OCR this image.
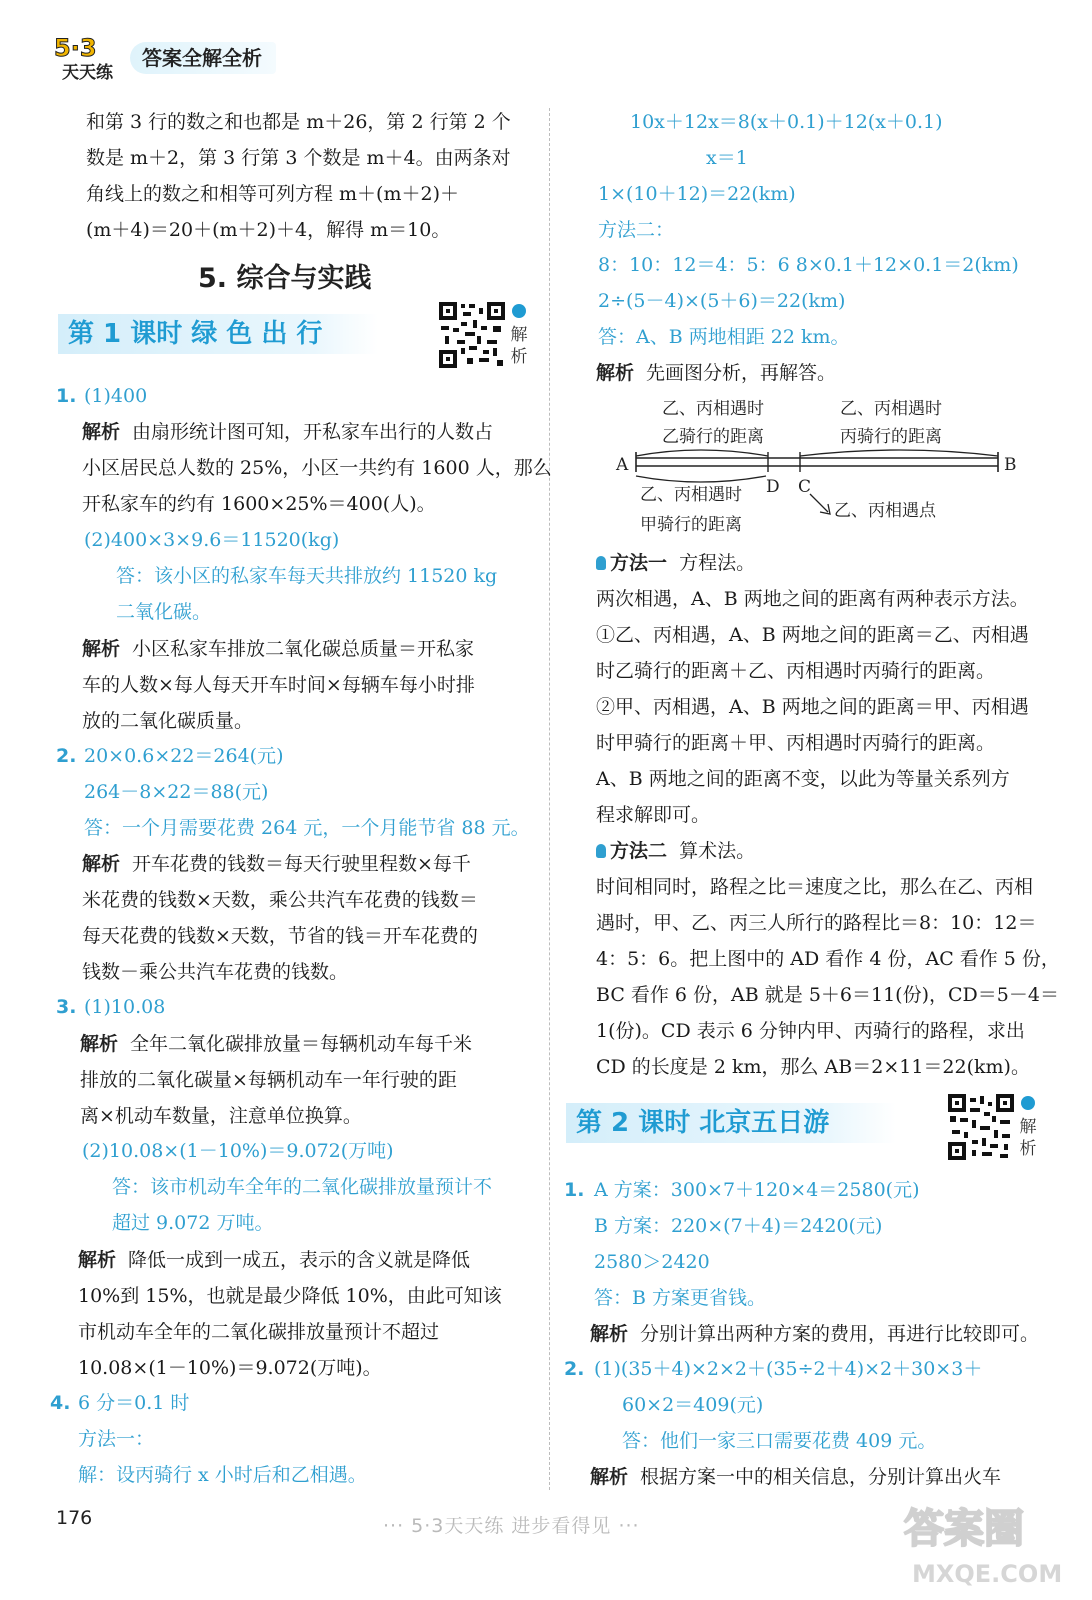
5·3
天天练
答案全解全析
和第 3 行的数之和也都是 m＋26，第 2 行第 2 个
数是 m＋2，第 3 行第 3 个数是 m＋4。由两条对
角线上的数之和相等可列方程 m＋(m＋2)＋
(m＋4)＝20＋(m＋2)＋4，解得 m＝10。
5. 综合与实践
第 1 课时 绿 色 出 行	解析
1. (1)400
解析 由扇形统计图可知，开私家车出行的人数占
小区居民总人数的 25%，小区一共约有 1600 人，那么
开私家车的约有 1600×25%＝400(人)。
(2)400×3×9.6＝11520(kg)
答：该小区的私家车每天共排放约 11520 kg
二氧化碳。
解析 小区私家车排放二氧化碳总质量＝开私家
车的人数×每人每天开车时间×每辆车每小时排
放的二氧化碳质量。
2. 20×0.6×22＝264(元)
264－8×22＝88(元)
答：一个月需要花费 264 元，一个月能节省 88 元。
解析 开车花费的钱数＝每天行驶里程数×每千
米花费的钱数×天数，乘公共汽车花费的钱数＝
每天花费的钱数×天数，节省的钱＝开车花费的
钱数－乘公共汽车花费的钱数。
3. (1)10.08
解析 全年二氧化碳排放量＝每辆机动车每千米
排放的二氧化碳量×每辆机动车一年行驶的距
离×机动车数量，注意单位换算。
(2)10.08×(1－10%)＝9.072(万吨)
答：该市机动车全年的二氧化碳排放量预计不
超过 9.072 万吨。
解析 降低一成到一成五，表示的含义就是降低
10%到 15%，也就是最少降低 10%，由此可知该
市机动车全年的二氧化碳排放量预计不超过
10.08×(1－10%)＝9.072(万吨)。
4. 6 分＝0.1 时
方法一：
解：设丙骑行 x 小时后和乙相遇。
10x＋12x＝8(x＋0.1)＋12(x＋0.1)
x＝1
1×(10＋12)＝22(km)
方法二：
8：10：12＝4：5：6 8×0.1＋12×0.1＝2(km)
2÷(5－4)×(5＋6)＝22(km)
答：A、B 两地相距 22 km。
解析 先画图分析，再解答。
乙、丙相遇时
乙骑行的距离
乙、丙相遇时
丙骑行的距离
A	B
D C
乙、丙相遇时
甲骑行的距离
乙、丙相遇点
方法一 方程法。
两次相遇，A、B 两地之间的距离有两种表示方法。
①乙、丙相遇，A、B 两地之间的距离＝乙、丙相遇
时乙骑行的距离＋乙、丙相遇时丙骑行的距离。
②甲、丙相遇，A、B 两地之间的距离＝甲、丙相遇
时甲骑行的距离＋甲、丙相遇时丙骑行的距离。
A、B 两地之间的距离不变，以此为等量关系列方
程求解即可。
方法二 算术法。
时间相同时，路程之比＝速度之比，那么在乙、丙相
遇时，甲、乙、丙三人所行的路程比＝8：10：12＝
4：5：6。把上图中的 AD 看作 4 份，AC 看作 5 份，
BC 看作 6 份，AB 就是 5＋6＝11(份)，CD＝5－4＝
1(份)。CD 表示 6 分钟内甲、丙骑行的路程，求出
CD 的长度是 2 km，那么 AB＝2×11＝22(km)。
第 2 课时 北京五日游	解析
1. A 方案：300×7＋120×4＝2580(元)
B 方案：220×(7＋4)＝2420(元)
2580＞2420
答：B 方案更省钱。
解析 分别计算出两种方案的费用，再进行比较即可。
2. (1)(35＋4)×2×2＋(35÷2＋4)×2＋30×3＋
60×2＝409(元)
答：他们一家三口需要花费 409 元。
解析 根据方案一中的相关信息，分别计算出火车
176	··· 5·3天天练 进步看得见 ···	答案圈
MXQE.COM
